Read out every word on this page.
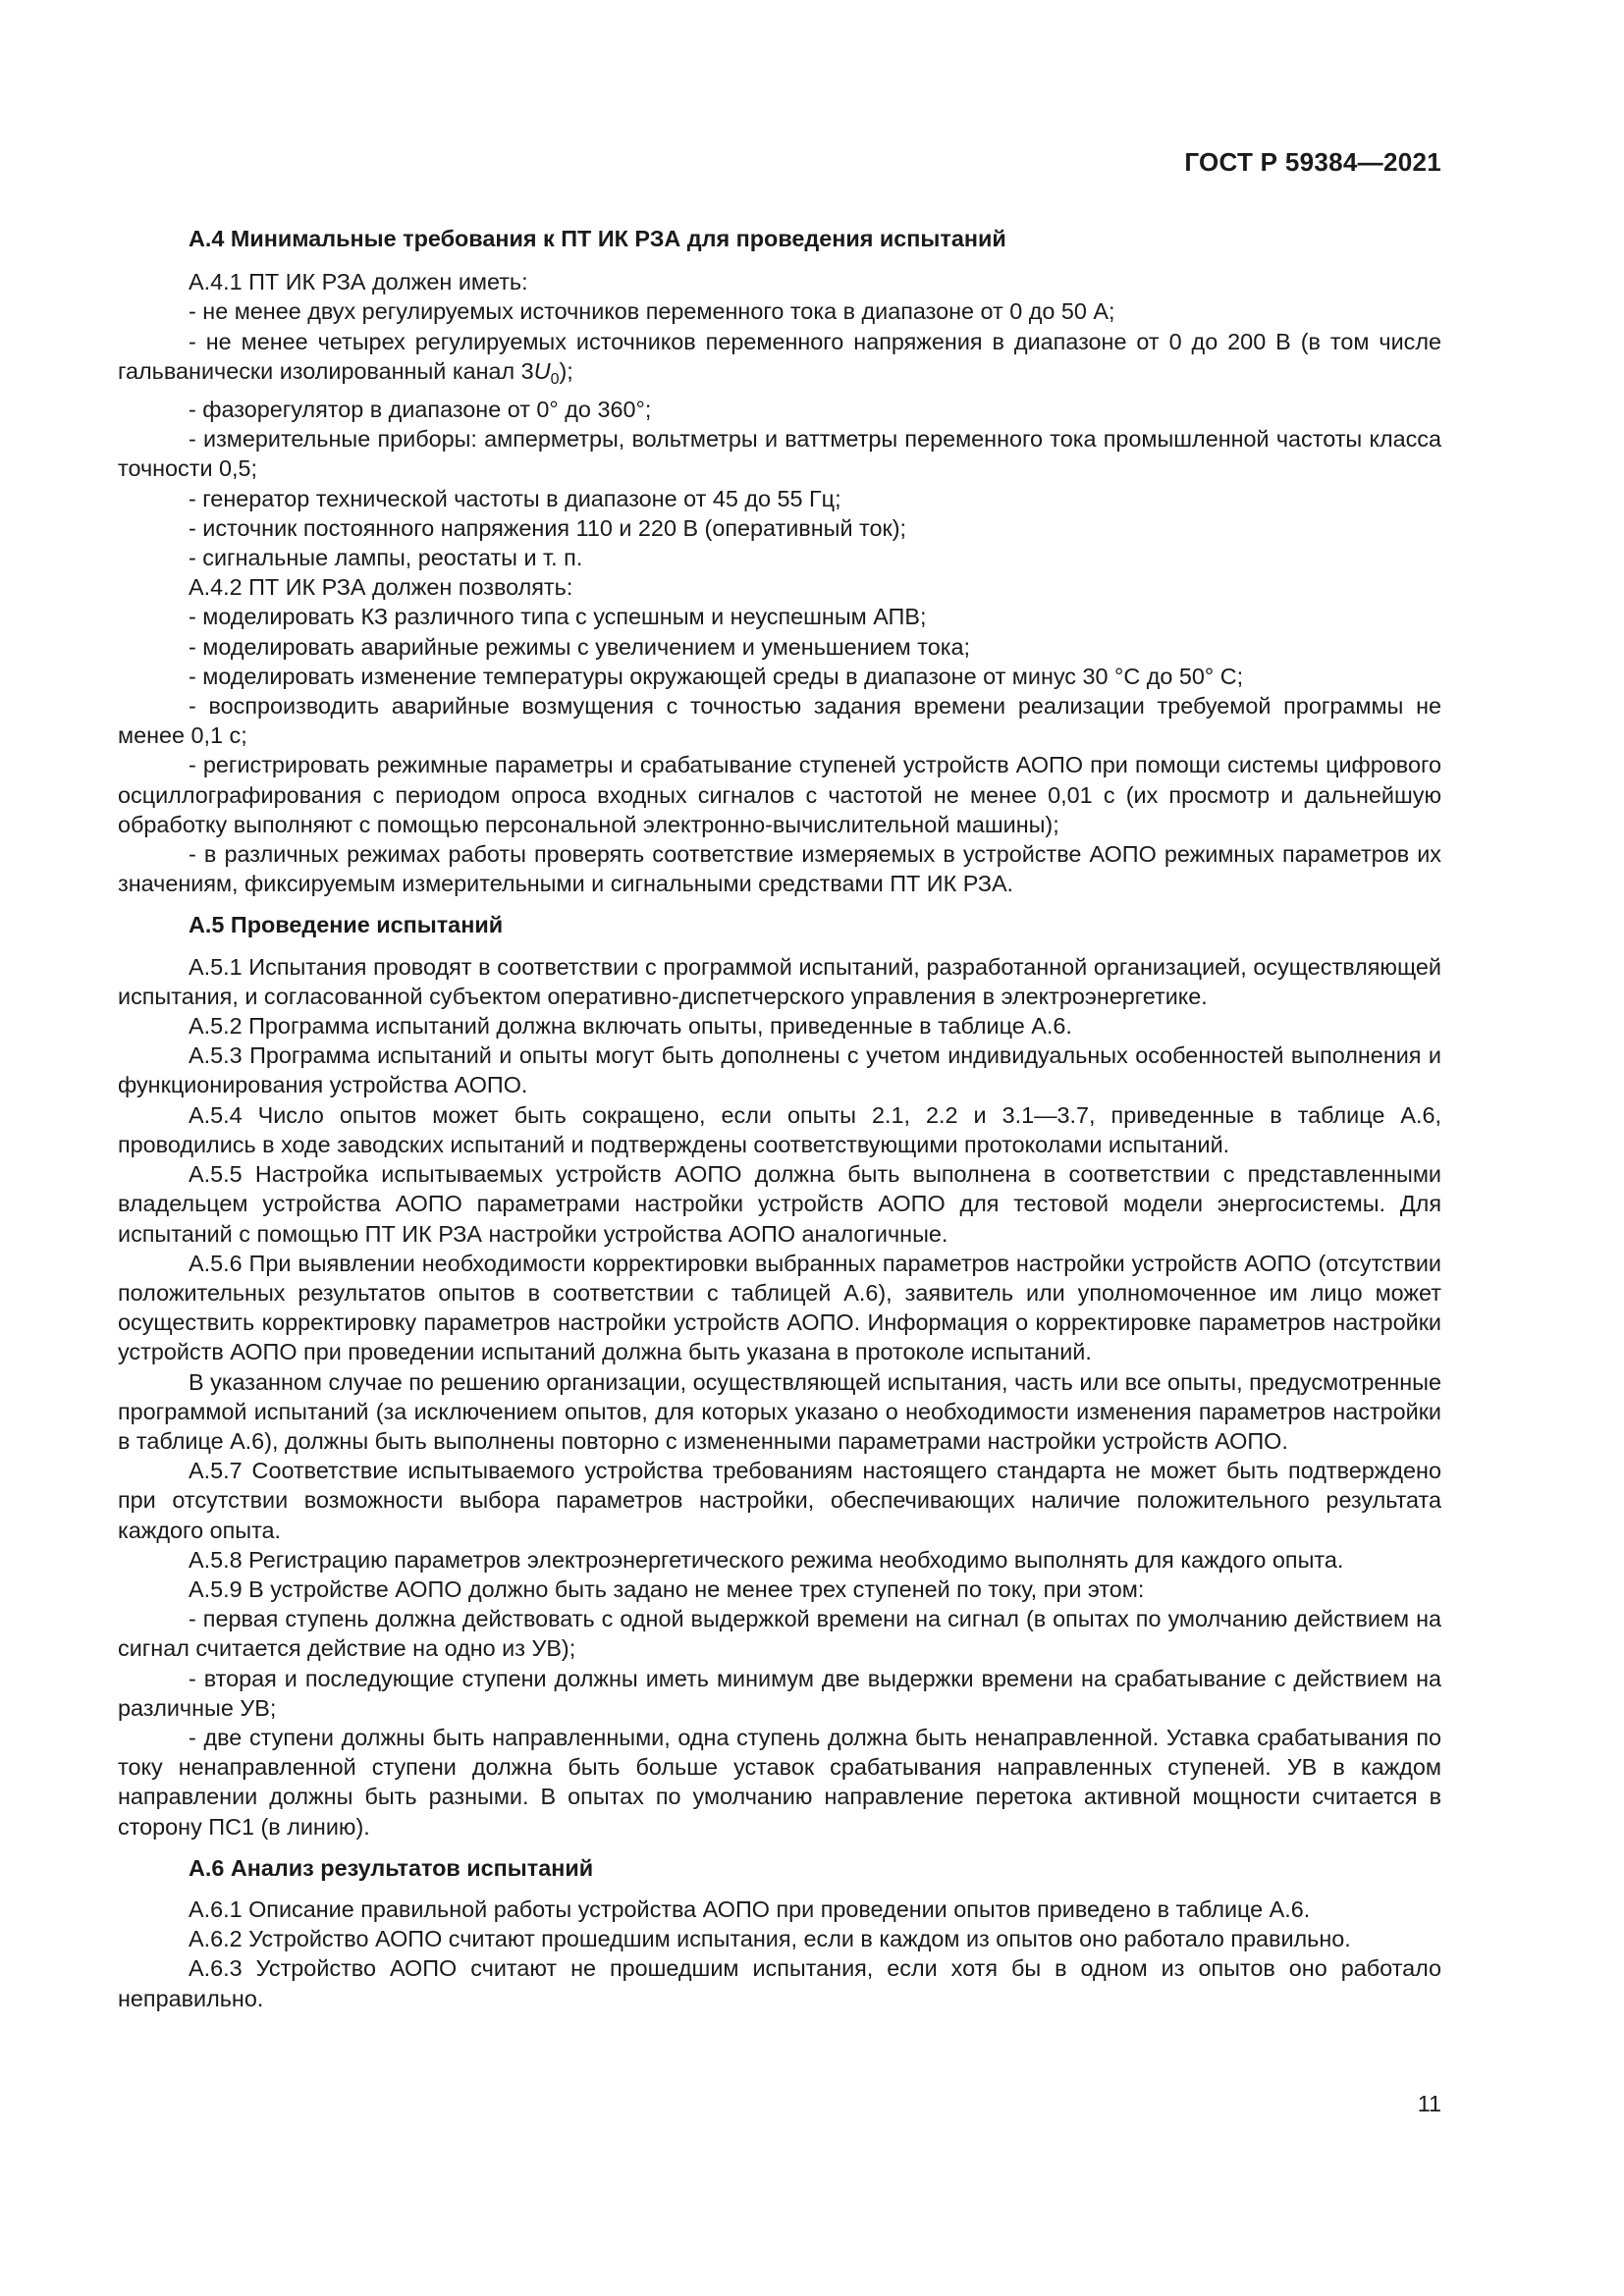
ГОСТ Р 59384—2021
А.4 Минимальные требования к ПТ ИК РЗА для проведения испытаний

А.4.1 ПТ ИК РЗА должен иметь:

- не менее двух регулируемых источников переменного тока в диапазоне от 0 до 50 А;

- не менее четырех регулируемых источников переменного напряжения в диапазоне от 0 до 200 В (в том числе гальванически изолированный канал $3U_0$);

- фазорегулятор в диапазоне от 0° до 360°;

- измерительные приборы: амперметры, вольтметры и ваттметры переменного тока промышленной частоты класса точности 0,5;

- генератор технической частоты в диапазоне от 45 до 55 Гц;

- источник постоянного напряжения 110 и 220 В (оперативный ток);

- сигнальные лампы, реостаты и т. п.

А.4.2 ПТ ИК РЗА должен позволять:

- моделировать КЗ различного типа с успешным и неуспешным АПВ;

- моделировать аварийные режимы с увеличением и уменьшением тока;

- моделировать изменение температуры окружающей среды в диапазоне от минус 30 °С до 50° С;

- воспроизводить аварийные возмущения с точностью задания времени реализации требуемой программы не менее 0,1 с;

- регистрировать режимные параметры и срабатывание ступеней устройств АОПО при помощи системы цифрового осциллографирования с периодом опроса входных сигналов с частотой не менее 0,01 с (их просмотр и дальнейшую обработку выполняют с помощью персональной электронно-вычислительной машины);

- в различных режимах работы проверять соответствие измеряемых в устройстве АОПО режимных параметров их значениям, фиксируемым измерительными и сигнальными средствами ПТ ИК РЗА.

А.5 Проведение испытаний

А.5.1 Испытания проводят в соответствии с программой испытаний, разработанной организацией, осуществляющей испытания, и согласованной субъектом оперативно-диспетчерского управления в электроэнергетике.

А.5.2 Программа испытаний должна включать опыты, приведенные в таблице А.6.

А.5.3 Программа испытаний и опыты могут быть дополнены с учетом индивидуальных особенностей выполнения и функционирования устройства АОПО.

А.5.4 Число опытов может быть сокращено, если опыты 2.1, 2.2 и 3.1—3.7, приведенные в таблице А.6, проводились в ходе заводских испытаний и подтверждены соответствующими протоколами испытаний.

А.5.5 Настройка испытываемых устройств АОПО должна быть выполнена в соответствии с представленными владельцем устройства АОПО параметрами настройки устройств АОПО для тестовой модели энергосистемы. Для испытаний с помощью ПТ ИК РЗА настройки устройства АОПО аналогичные.

А.5.6 При выявлении необходимости корректировки выбранных параметров настройки устройств АОПО (отсутствии положительных результатов опытов в соответствии с таблицей А.6), заявитель или уполномоченное им лицо может осуществить корректировку параметров настройки устройств АОПО. Информация о корректировке параметров настройки устройств АОПО при проведении испытаний должна быть указана в протоколе испытаний.

В указанном случае по решению организации, осуществляющей испытания, часть или все опыты, предусмотренные программой испытаний (за исключением опытов, для которых указано о необходимости изменения параметров настройки в таблице А.6), должны быть выполнены повторно с измененными параметрами настройки устройств АОПО.

А.5.7 Соответствие испытываемого устройства требованиям настоящего стандарта не может быть подтверждено при отсутствии возможности выбора параметров настройки, обеспечивающих наличие положительного результата каждого опыта.

А.5.8 Регистрацию параметров электроэнергетического режима необходимо выполнять для каждого опыта.

А.5.9 В устройстве АОПО должно быть задано не менее трех ступеней по току, при этом:

- первая ступень должна действовать с одной выдержкой времени на сигнал (в опытах по умолчанию действием на сигнал считается действие на одно из УВ);

- вторая и последующие ступени должны иметь минимум две выдержки времени на срабатывание с действием на различные УВ;

- две ступени должны быть направленными, одна ступень должна быть ненаправленной. Уставка срабатывания по току ненаправленной ступени должна быть больше уставок срабатывания направленных ступеней. УВ в каждом направлении должны быть разными. В опытах по умолчанию направление перетока активной мощности считается в сторону ПС1 (в линию).

А.6 Анализ результатов испытаний

А.6.1 Описание правильной работы устройства АОПО при проведении опытов приведено в таблице А.6.

А.6.2 Устройство АОПО считают прошедшим испытания, если в каждом из опытов оно работало правильно.

А.6.3 Устройство АОПО считают не прошедшим испытания, если хотя бы в одном из опытов оно работало неправильно.

11
